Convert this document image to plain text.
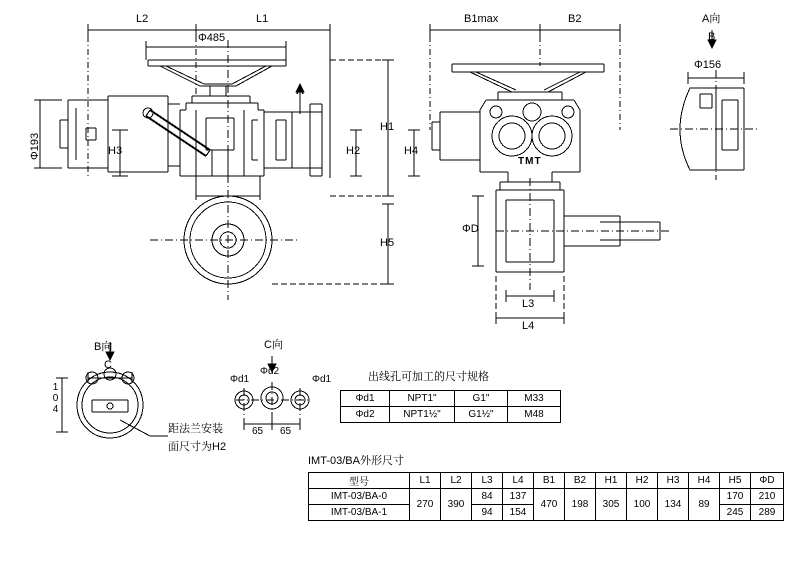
L2	L1
Φ485
Φ193
H1
H2
H3
H5
A
B1max	B2
H4
ΦD
L3
L4
TMT
A向
B
Φ156
B向
C
104
距法兰安装
面尺寸为H2
C向
Φd1
Φd2
Φd1
65 65
出线孔可加工的尺寸规格
Φd1	NPT1"	G1"	M33
Φd2	NPT1½"	G1½"	M48
IMT-03/BA外形尺寸
型号	L1	L2	L3	L4	B1	B2	H1	H2	H3	H4	H5	ΦD
IMT-03/BA-0	270	390	84	137	470	198	305	100	134	89	170	210
IMT-03/BA-1			94	154							245	289
